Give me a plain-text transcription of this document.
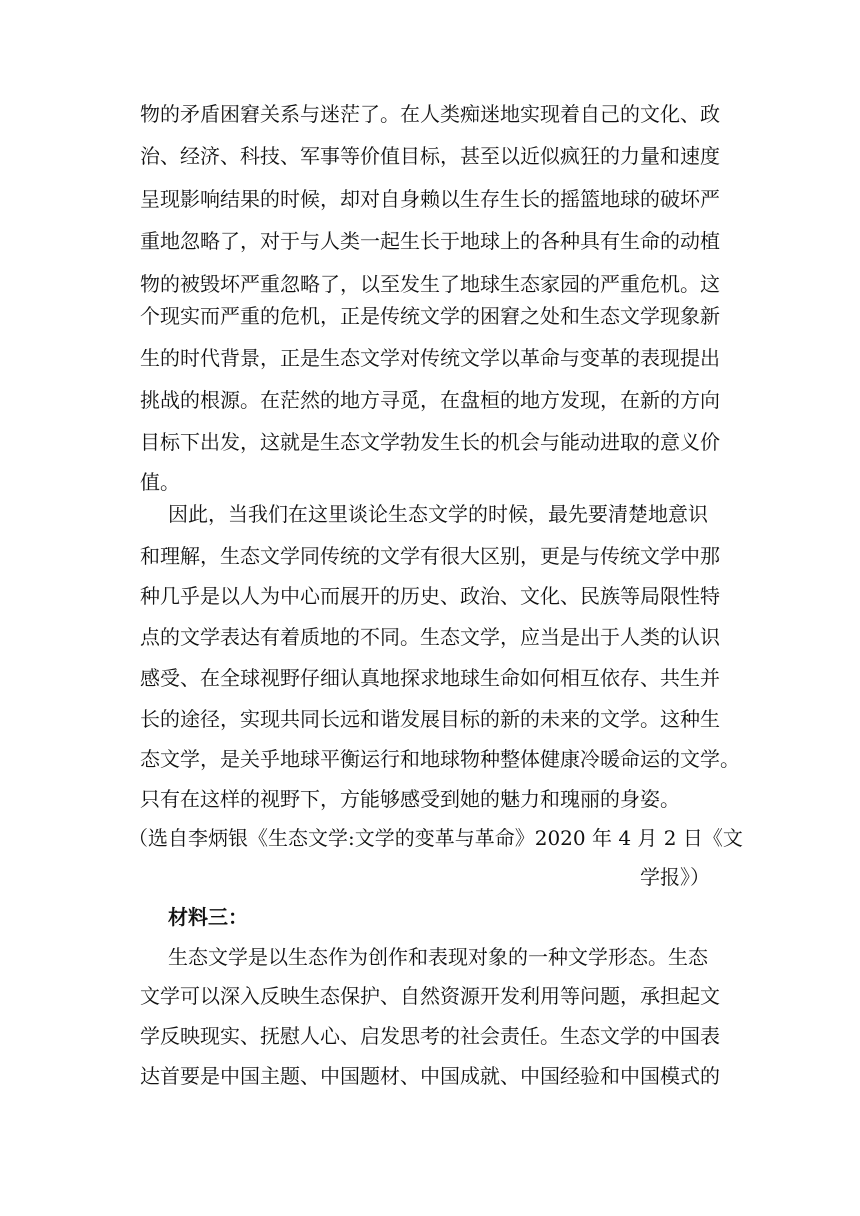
物的矛盾困窘关系与迷茫了。在人类痴迷地实现着自己的文化、政
治、经济、科技、军事等价值目标，甚至以近似疯狂的力量和速度
呈现影响结果的时候，却对自身赖以生存生长的摇篮地球的破坏严
重地忽略了，对于与人类一起生长于地球上的各种具有生命的动植
物的被毁坏严重忽略了，以至发生了地球生态家园的严重危机。这
个现实而严重的危机，正是传统文学的困窘之处和生态文学现象新
生的时代背景，正是生态文学对传统文学以革命与变革的表现提出
挑战的根源。在茫然的地方寻觅，在盘桓的地方发现，在新的方向
目标下出发，这就是生态文学勃发生长的机会与能动进取的意义价
值。
因此，当我们在这里谈论生态文学的时候，最先要清楚地意识
和理解，生态文学同传统的文学有很大区别，更是与传统文学中那
种几乎是以人为中心而展开的历史、政治、文化、民族等局限性特
点的文学表达有着质地的不同。生态文学，应当是出于人类的认识
感受、在全球视野仔细认真地探求地球生命如何相互依存、共生并
长的途径，实现共同长远和谐发展目标的新的未来的文学。这种生
态文学，是关乎地球平衡运行和地球物种整体健康冷暖命运的文学。
只有在这样的视野下，方能够感受到她的魅力和瑰丽的身姿。
（选自李炳银《生态文学:文学的变革与革命》2020 年 4 月 2 日《文
学报》）
材料三：
生态文学是以生态作为创作和表现对象的一种文学形态。生态
文学可以深入反映生态保护、自然资源开发利用等问题，承担起文
学反映现实、抚慰人心、启发思考的社会责任。生态文学的中国表
达首要是中国主题、中国题材、中国成就、中国经验和中国模式的
